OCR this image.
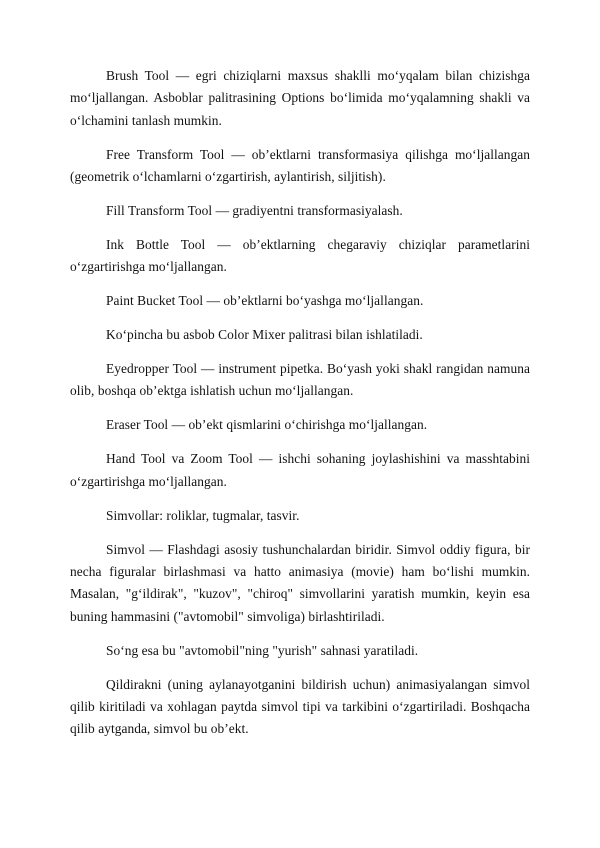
Brush Tool — egri chiziqlarni maxsus shaklli mo‘yqalam bilan chizishga mo‘ljallangan. Asboblar palitrasining Options bo‘limida mo‘yqalamning shakli va o‘lchamini tanlash mumkin.

Free Transform Tool — ob’ektlarni transformasiya qilishga mo‘ljallangan (geometrik o‘lchamlarni o‘zgartirish, aylantirish, siljitish).

Fill Transform Tool — gradiyentni transformasiyalash.

Ink Bottle Tool — ob’ektlarning chegaraviy chiziqlar parametlarini o‘zgartirishga mo‘ljallangan.

Paint Bucket Tool — ob’ektlarni bo‘yashga mo‘ljallangan.

Ko‘pincha bu asbob Color Mixer palitrasi bilan ishlatiladi.

Eyedropper Tool — instrument pipetka. Bo‘yash yoki shakl rangidan namuna olib, boshqa ob’ektga ishlatish uchun mo‘ljallangan.

Eraser Tool — ob’ekt qismlarini o‘chirishga mo‘ljallangan.

Hand Tool va Zoom Tool — ishchi sohaning joylashishini va masshtabini o‘zgartirishga mo‘ljallangan.

Simvollar: roliklar, tugmalar, tasvir.

Simvol — Flashdagi asosiy tushunchalardan biridir. Simvol oddiy figura, bir necha figuralar birlashmasi va hatto animasiya (movie) ham bo‘lishi mumkin. Masalan, "g‘ildirak", "kuzov", "chiroq" simvollarini yaratish mumkin, keyin esa buning hammasini ("avtomobil" simvoliga) birlashtiriladi.

So‘ng esa bu "avtomobil"ning "yurish" sahnasi yaratiladi.

Qildirakni (uning aylanayotganini bildirish uchun) animasiyalangan simvol qilib kiritiladi va xohlagan paytda simvol tipi va tarkibini o‘zgartiriladi. Boshqacha qilib aytganda, simvol bu ob’ekt.
